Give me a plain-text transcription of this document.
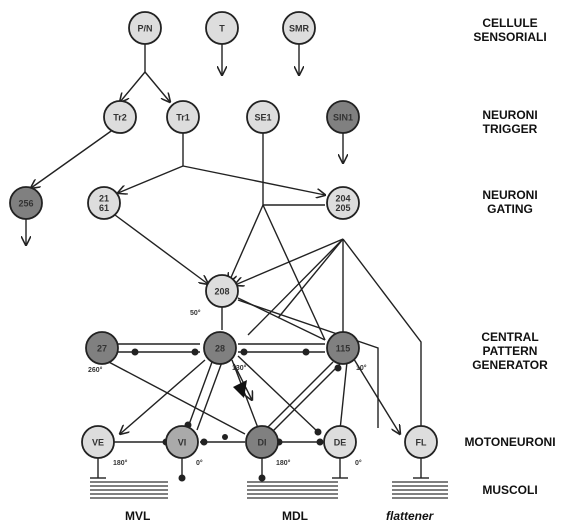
P/N	T	SMR
Tr2	Tr1	SE1	SIN1
256	21
61
204
205
208
27	28	115
VE	VI	DI	DE	FL
50°
260°	130°	10°
180°	0°	180°	0°
CELLULE
SENSORIALI
NEURONI
TRIGGER
NEURONI
GATING
CENTRAL
PATTERN
GENERATOR
MOTONEURONI
MUSCOLI
MVL	MDL	flattener
